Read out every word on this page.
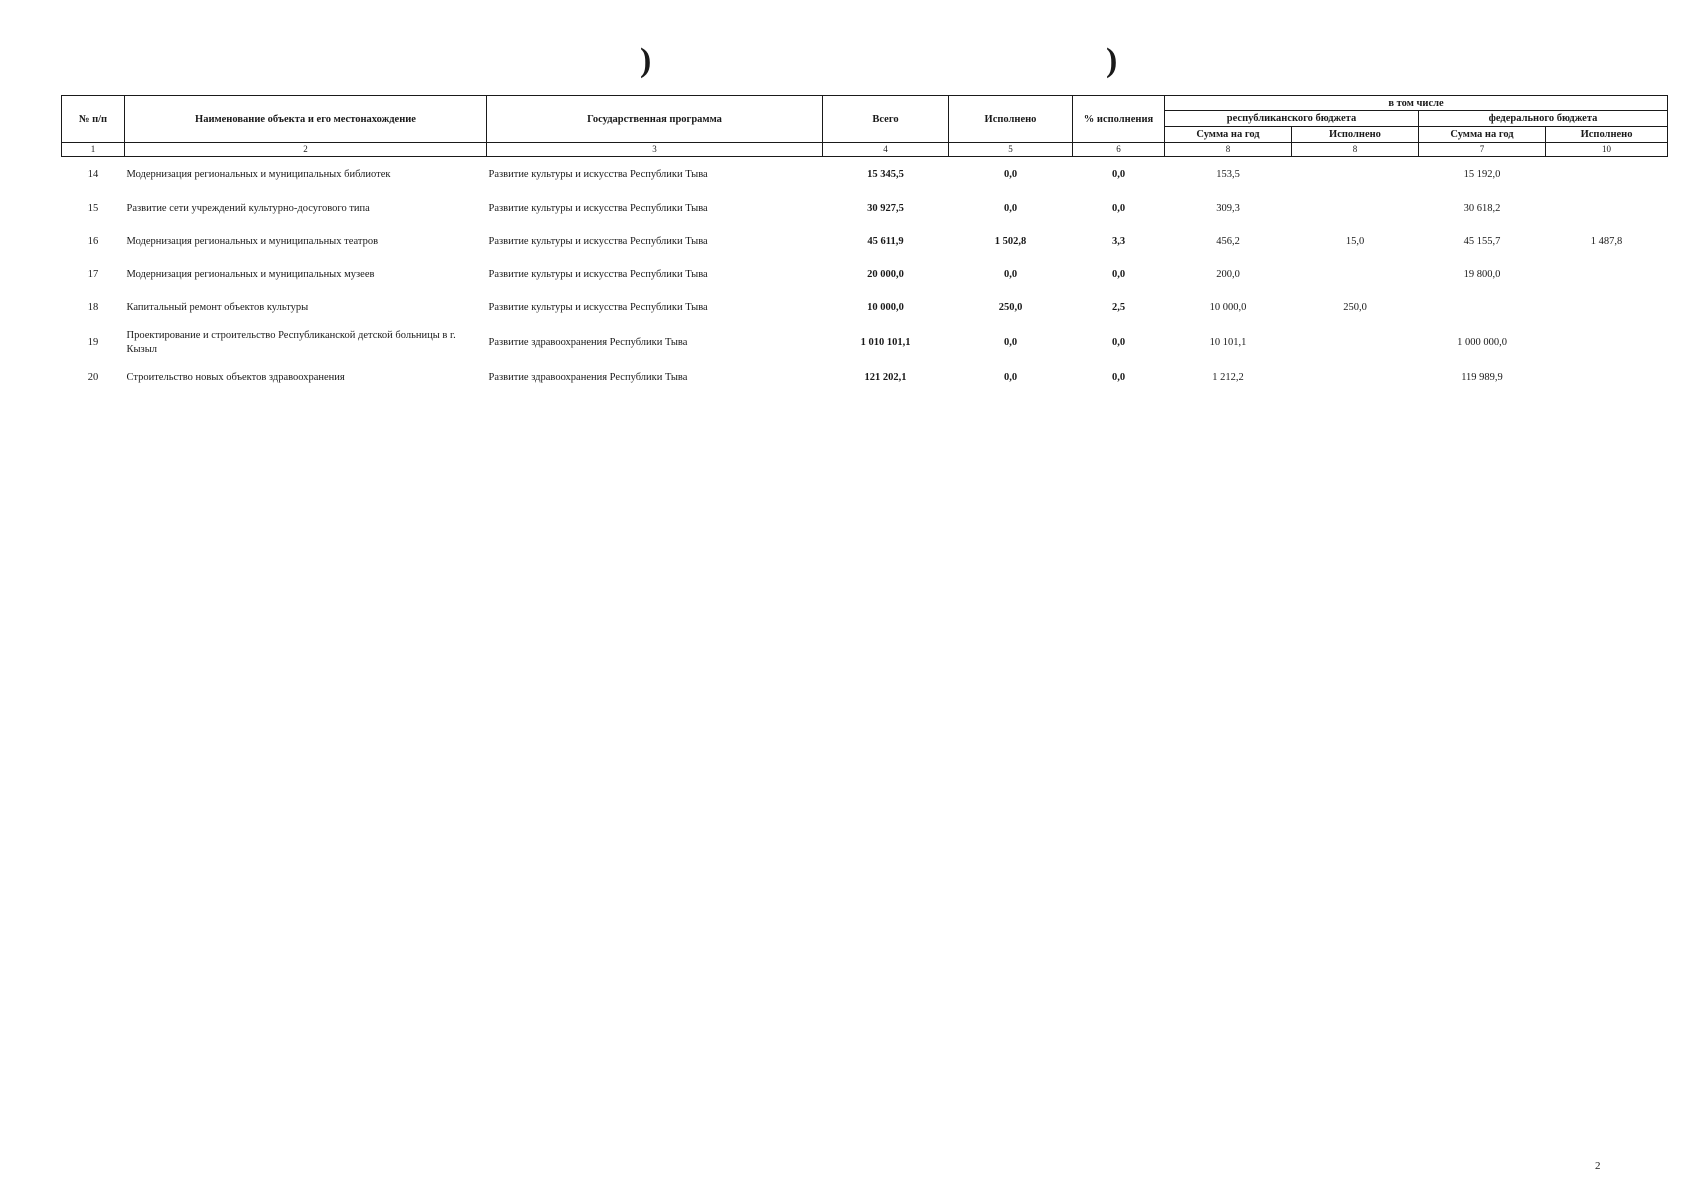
)	)
№ п/п	Наименование объекта и его местонахождение	Государственная программа	Всего	Исполнено	% исполнения	в том числе			
						республиканского бюджета		федерального бюджета	
						Сумма на год	Исполнено	Сумма на год	Исполнено
1	2	3	4	5	6	8	8	7	10
14	Модернизация региональных и муниципальных библиотек	Развитие культуры и искусства Республики Тыва	15 345,5	0,0	0,0	153,5		15 192,0	
15	Развитие сети учреждений культурно-досугового типа	Развитие культуры и искусства Республики Тыва	30 927,5	0,0	0,0	309,3		30 618,2	
16	Модернизация региональных и муниципальных театров	Развитие культуры и искусства Республики Тыва	45 611,9	1 502,8	3,3	456,2	15,0	45 155,7	1 487,8
17	Модернизация региональных и муниципальных музеев	Развитие культуры и искусства Республики Тыва	20 000,0	0,0	0,0	200,0		19 800,0	
18	Капитальный ремонт объектов культуры	Развитие культуры и искусства Республики Тыва	10 000,0	250,0	2,5	10 000,0	250,0		
19	Проектирование и строительство Республиканской детской больницы в г. Кызыл	Развитие здравоохранения Республики Тыва	1 010 101,1	0,0	0,0	10 101,1		1 000 000,0	
20	Строительство новых объектов здравоохранения	Развитие здравоохранения Республики Тыва	121 202,1	0,0	0,0	1 212,2		119 989,9	
2
